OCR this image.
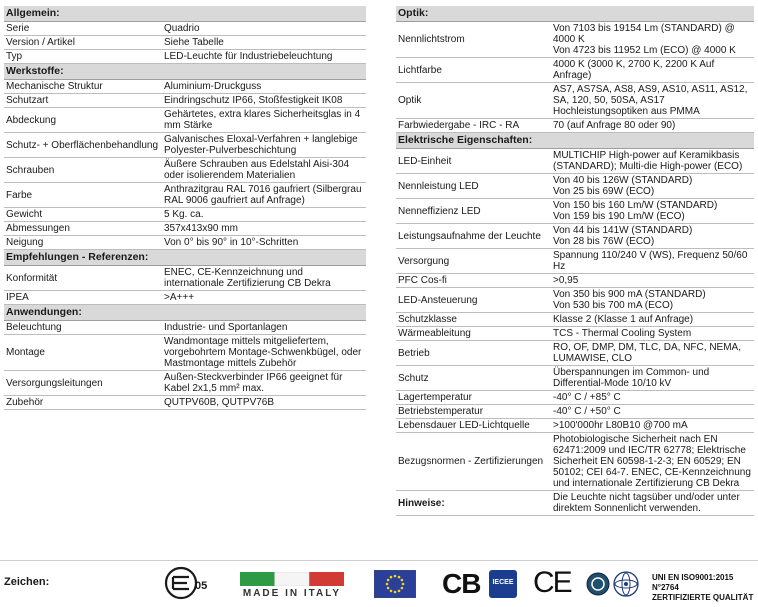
Allgemein:	
Serie	Quadrio
Version / Artikel	Siehe Tabelle
Typ	LED-Leuchte für Industriebeleuchtung
Werkstoffe:	
Mechanische Struktur	Aluminium-Druckguss
Schutzart	Eindringschutz IP66, Stoßfestigkeit IK08
Abdeckung	Gehärtetes, extra klares Sicherheitsglas in 4 mm Stärke
Schutz- + Oberflächenbehandlung	Galvanisches Eloxal-Verfahren + langlebige Polyester-Pulverbeschichtung
Schrauben	Äußere Schrauben aus Edelstahl Aisi-304 oder isolierendem Materialien
Farbe	Anthrazitgrau RAL 7016 gaufriert (Silbergrau RAL 9006 gaufriert auf Anfrage)
Gewicht	5 Kg. ca.
Abmessungen	357x413x90 mm
Neigung	Von 0° bis 90° in 10°-Schritten
Empfehlungen - Referenzen:	
Konformität	ENEC, CE-Kennzeichnung und internationale Zertifizierung CB Dekra
IPEA	>A+++
Anwendungen:	
Beleuchtung	Industrie- und Sportanlagen
Montage	Wandmontage mittels mitgeliefertem, vorgebohrtem Montage-Schwenkbügel, oder Mastmontage mittels Zubehör
Versorgungsleitungen	Außen-Steckverbinder IP66 geeignet für Kabel 2x1,5 mm² max.
Zubehör	QUTPV60B, QUTPV76B
Optik:	
Nennlichtstrom	Von 7103 bis 19154 Lm (STANDARD) @ 4000 K
Von 4723 bis 11952 Lm (ECO) @ 4000 K
Lichtfarbe	4000 K (3000 K, 2700 K, 2200 K Auf Anfrage)
Optik	AS7, AS7SA, AS8, AS9, AS10, AS11, AS12,
SA, 120, 50, 50SA, AS17
Hochleistungsoptiken aus PMMA
Farbwiedergabe - IRC - RA	70 (auf Anfrage 80 oder 90)
Elektrische Eigenschaften:	
LED-Einheit	MULTICHIP High-power auf Keramikbasis (STANDARD); Multi-die High-power (ECO)
Nennleistung LED	Von 40 bis 126W (STANDARD)
Von 25 bis 69W (ECO)
Nenneffizienz LED	Von 150 bis 160 Lm/W (STANDARD)
Von 159 bis 190 Lm/W (ECO)
Leistungsaufnahme der Leuchte	Von 44 bis 141W (STANDARD)
Von 28 bis 76W (ECO)
Versorgung	Spannung 110/240 V (WS), Frequenz 50/60 Hz
PFC Cos-fi	>0,95
LED-Ansteuerung	Von 350 bis 900 mA (STANDARD)
Von 530 bis 700 mA (ECO)
Schutzklasse	Klasse 2 (Klasse 1 auf Anfrage)
Wärmeableitung	TCS - Thermal Cooling System
Betrieb	RO, OF, DMP, DM, TLC, DA, NFC, NEMA, LUMAWISE, CLO
Schutz	Überspannungen im Common- und Differential-Mode 10/10 kV
Lagertemperatur	-40° C / +85° C
Betriebstemperatur	-40° C / +50° C
Lebensdauer LED-Lichtquelle	>100'000hr L80B10 @700 mA
Bezugsnormen - Zertifizierungen	Photobiologische Sicherheit nach EN 62471:2009 und IEC/TR 62778; Elektrische Sicherheit EN 60598-1-2-3; EN 60529; EN 50102; CEI 64-7. ENEC, CE-Kennzeichnung und internationale Zertifizierung CB Dekra
Hinweise:	Die Leuchte nicht tagsüber und/oder unter direktem Sonnenlicht verwenden.
Zeichen:	05
MADE IN ITALY	CB	IECEE CE	UNI EN ISO9001:2015 N°2764
ZERTIFIZIERTE QUALITÄT
